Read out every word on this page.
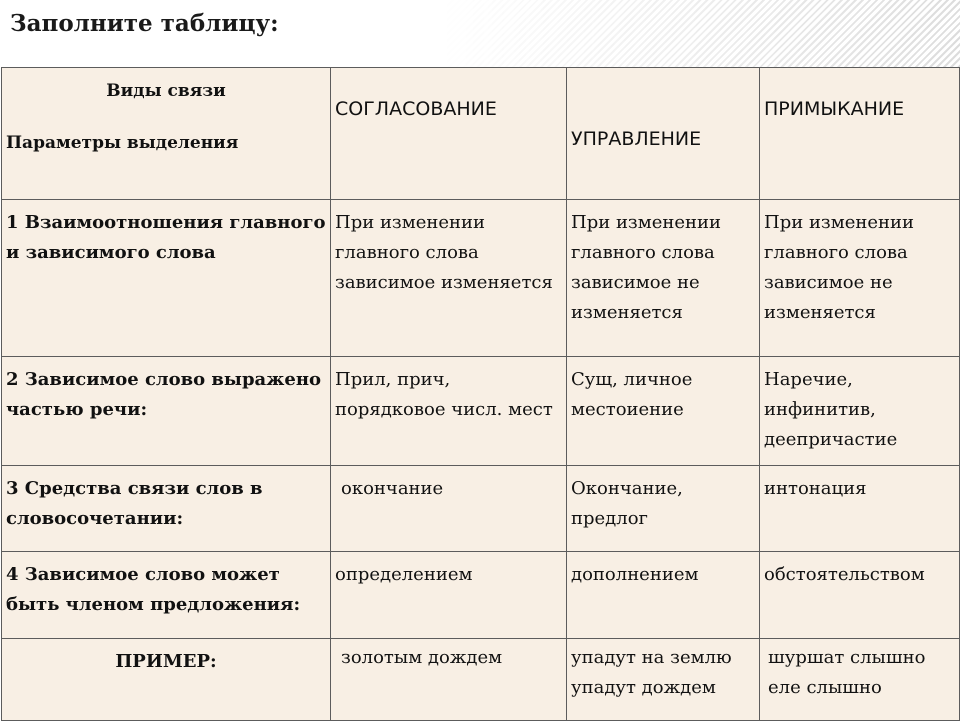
Заполните таблицу:
Виды связи
Параметры выделения	СОГЛАСОВАНИЕ	УПРАВЛЕНИЕ	ПРИМЫКАНИЕ
1 Взаимоотношения главного и зависимого слова	При изменении главного слова зависимое изменяется	При изменении главного слова зависимое не изменяется	При изменении главного слова зависимое не изменяется
2 Зависимое слово выражено частью речи:	Прил, прич, порядковое числ. мест	Сущ, личное местоиение	Наречие, инфинитив, деепричастие
3 Средства связи слов в словосочетании:	окончание	Окончание, предлог	интонация
4 Зависимое слово может быть членом предложения:	определением	дополнением	обстоятельством
ПРИМЕР:	золотым дождем	упадут на землю упадут дождем	шуршат слышно еле слышно
